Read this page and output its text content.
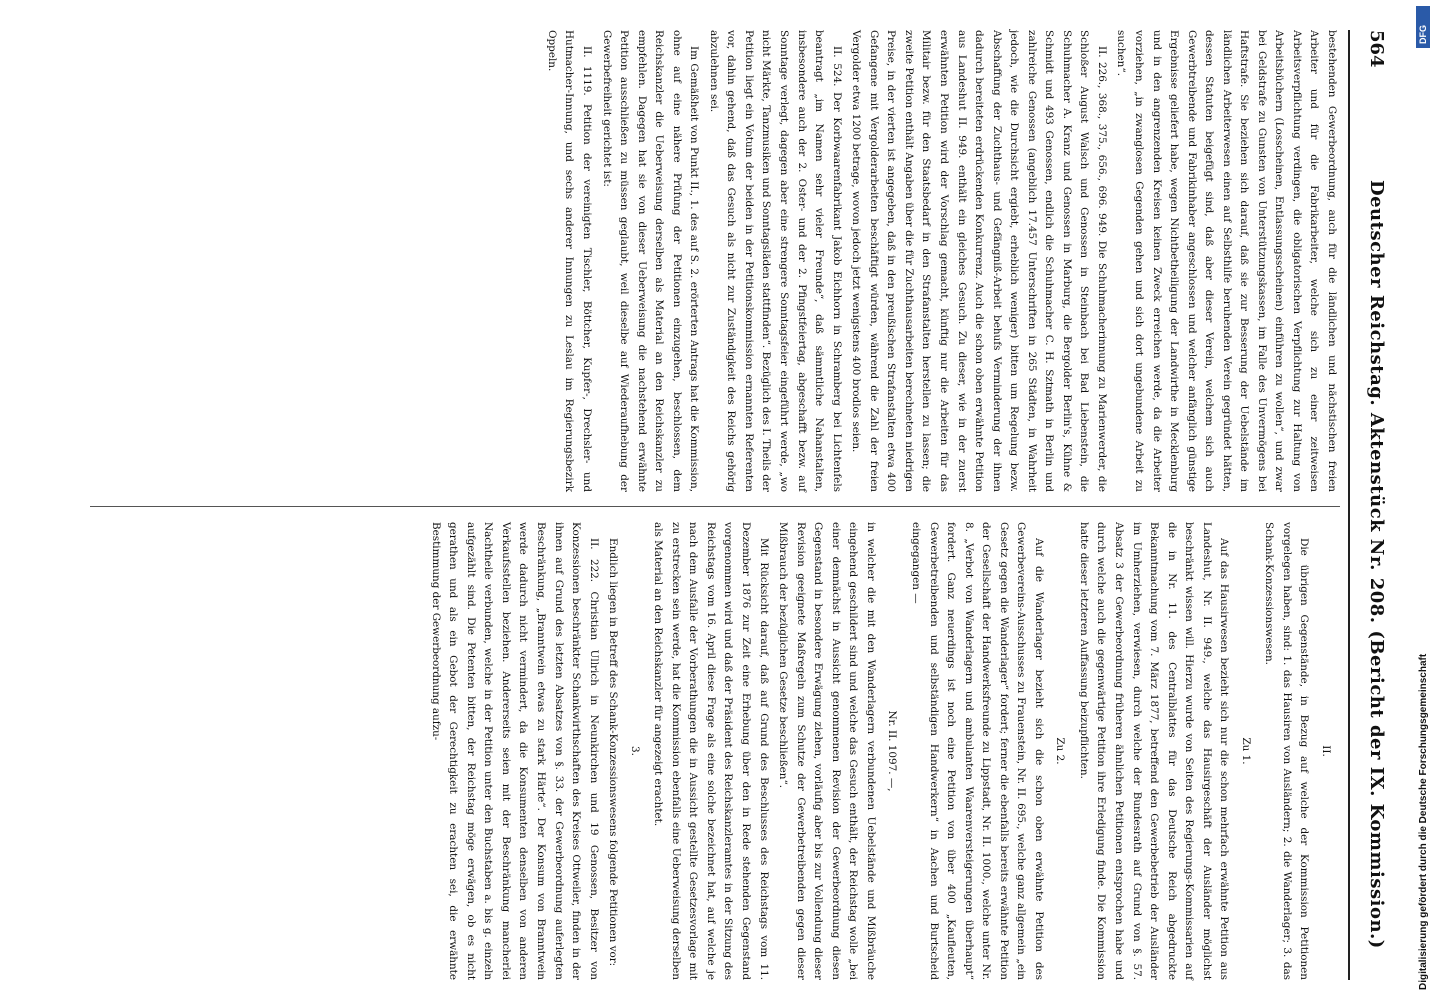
564
Deutscher Reichstag. Aktenstück Nr. 208. (Bericht der IX. Kommission.)

bestehenden Gewerbeordnung, auch für die ländlichen und nächstischen freien Arbeiter und für die Fabrikarbeiter, welche sich zu einer zeitweisen Arbeitsverpflichtung verdingen, die obligatorischen Verpflichtung zur Haltung von Arbeitsbüchern (Losscheinen, Entlassungsscheinen) einführen zu wollen“, und zwar bei Geldstrafe zu Gunsten von Unterstützungskassen, im Falle des Unvermögens bei Haftstrafe. Sie beziehen sich darauf, daß sie zur Besserung der Uebelstände im ländlichen Arbeiterwesen einen auf Selbsthilfe beruhenden Verein gegründet hätten, dessen Statuten beigefügt sind, daß aber dieser Verein, welchem sich auch Gewerbtreibende und Fabrikinhaber angeschlossen und welcher anfänglich günstige Ergebnisse geliefert habe, wegen Nichtbetheiligung der Landwirthe in Mecklenburg und in den angrenzenden Kreisen keinen Zweck erreichen werde, da die Arbeiter vorziehen, „in zwanglosen Gegenden gehen und sich dort ungebundene Arbeit zu suchen“.

II. 226., 368., 375., 656., 696. 949. Die Schuhmacherinnung zu Marienwerder, die Schloßer August Walsch und Genossen in Steinbach bei Bad Liebenstein, die Schuhmacher A. Kranz und Genossen in Marburg, die Bergolder Berlin's, Kühne & Schmidt und 493 Genossen, endlich die Schuhmacher C. H. Sztmath in Berlin und zahlreiche Genossen (angeblich 17.457 Unterschriften in 265 Städten, in Wahrheit jedoch, wie die Durchsicht ergiebt, erheblich weniger) bitten um Regelung bezw. Abschaffung der Zuchthaus- und Gefängniß-Arbeit behufs Verminderung der ihnen dadurch bereiteten erdrückenden Konkurrenz. Auch die schon oben erwähnte Petition aus Landeshut II. 949. enthält ein gleiches Gesuch. Zu dieser, wie in der zuerst erwähnten Petition wird der Vorschlag gemacht, künftig nur die Arbeiten für das Militair bezw. für den Staatsbedarf in den Strafanstalten herstellen zu lassen; die zweite Petition enthält Angaben über die für Zuchthausarbeiten berechneten niedrigen Preise, in der vierten ist angegeben, daß in den preußischen Strafanstalten etwa 400 Gefangene mit Vergolderarbeiten beschäftigt würden, während die Zahl der freien Vergolder etwa 1200 betrage, wovon jedoch jetzt wenigstens 400 brodlos seien.

II. 524. Der Korbwaarenfabrikant Jakob Eichhorn in Schramberg bei Lichtenfels beantragt „im Namen sehr vieler Freunde“, daß sämmtliche Nahanstalten, insbesondere auch der 2. Oster- und der 2. Pfingstfeiertag, abgeschafft bezw. auf Sonntage verlegt, dagegen aber eine strengere Sonntagsfeier eingeführt werde, „wo nicht Märkte, Tanzmusiken und Sonntagsläden stattfinden“. Bezüglich des I. Theils der Petition liegt ein Votum der beiden in der Petitionskommission ernannten Referenten vor, dahin gehend, daß das Gesuch als nicht zur Zuständigkeit des Reichs gehörig abzulehnen sei.

Im Gemäßheit von Punkt II., 1. des auf S. 2. erörterten Antrags hat die Kommission, ohne auf eine nähere Prüfung der Petitionen einzugehen, beschlossen, dem Reichskanzler die Ueberweisung derselben als Material an den Reichskanzler zu empfehlen. Dagegen hat sie von dieser Ueberweisung die nachstehend erwähnte Petition ausschließen zu müssen geglaubt, weil dieselbe auf Wiederaufhebung der Gewerbefreiheit gerichtet ist:

II. 1119. Petition der vereinigten Tischler, Böttcher, Kupfer-, Drechsler- und Hutmacher-Innung, und sechs anderer Innungen zu Leslau im Regierungsbezirk Oppeln.

II.

Die übrigen Gegenstände, in Bezug auf welche der Kommission Petitionen vorgelegen haben, sind: 1. das Hausiren von Ausländern; 2. die Wanderlager; 3. das Schank-Konzessionswesen.

Zu 1.

Auf das Hausirwesen bezieht sich nur die schon mehrfach erwähnte Petition aus Landeshut, Nr. II. 949., welche das Hausirgeschäft der Ausländer möglichst beschränkt wissen will. Hierzu wurde von Seiten des Regierungs-Kommissarien auf die in Nr. 11. des Centralblattes für das Deutsche Reich abgedruckte Bekanntmachung vom 7. März 1877, betreffend den Gewerbebetrieb der Ausländer im Umherziehen, verwiesen, durch welche der Bundesrath auf Grund von §. 57. Absatz 3 der Gewerbeordnung früheren ähnlichen Petitionen entsprochen habe und durch welche auch die gegenwärtige Petition ihre Erledigung finde. Die Kommission hatte dieser letzteren Auffassung beizupflichten.

Zu 2.

Auf die Wanderlager bezieht sich die schon oben erwähnte Petition des Gewerbevereins-Ausschusses zu Frauenstein, Nr. II. 695., welche ganz allgemein „ein Gesetz gegen die Wanderlager“ fordert; ferner die ebenfalls bereits erwähnte Petition der Gesellschaft der Handwerksfreunde zu Lippstadt, Nr. II. 1000., welche unter Nr. 8. „Verbot von Wanderlagern und ambulanten Waarenversteigerungen überhaupt“ fordert. Ganz neuerdings ist noch eine Petition von über 400 „Kaufleuten, Gewerbetreibenden und selbständigen Handwerkern“ in Aachen und Burtscheid eingegangen —

Nr. II. 1097. —,

in welcher die mit den Wanderlagern verbundenen Uebelstände und Mißbräuche eingehend geschildert sind und welche das Gesuch enthält, der Reichstag wolle „bei einer demnächst in Aussicht genommenen Revision der Gewerbeordnung diesen Gegenstand in besondere Erwägung ziehen, vorläufig aber bis zur Vollendung dieser Revision geeignete Maßregeln zum Schutze der Gewerbetreibenden gegen dieser Mißbrauch der bezüglichen Gesetze beschließen“.

Mit Rücksicht darauf, daß auf Grund des Beschlusses des Reichstags vom 11. Dezember 1876 zur Zeit eine Erhebung über den in Rede stehenden Gegenstand vorgenommen wird und daß der Präsident des Reichskanzleramtes in der Sitzung des Reichstags vom 16. April diese Frage als eine solche bezeichnet hat, auf welche je nach dem Ausfalle der Vorberathungen die in Aussicht gestellte Gesetzesvorlage mit zu erstrecken sein werde, hat die Kommission ebenfalls eine Ueberweisung derselben als Material an den Reichskanzler für angezeigt erachtet.

3.

Endlich liegen in Betreff des Schank-Konzessionswesens folgende Petitionen vor:

II. 222. Christian Ullrich in Neunkirchen und 19 Genossen, Besitzer von Konzessionen beschränkter Schankwirthschaften des Kreises Ottweiler, finden in der ihnen auf Grund des letzten Absatzes von §. 33. der Gewerbeordnung auferlegten Beschränkung, „Branntwein etwas zu stark Härte“. Der Konsum von Branntwein werde dadurch nicht vermindert, da die Konsumenten denselben von anderen Verkaufsstellen beziehen. Andererseits seien mit der Beschränkung mancherlei Nachtheile verbunden, welche in der Petition unter den Buchstaben a. bis g. einzeln aufgezählt sind. Die Petenten bitten, der Reichstag möge erwägen, ob es nicht gerathen und als ein Gebot der Gerechtigkeit zu erachten sei, die erwähnte Bestimmung der Gewerbeordnung aufzu-

DFG
Digitalisierung gefördert durch die Deutsche Forschungsgemeinschaft
